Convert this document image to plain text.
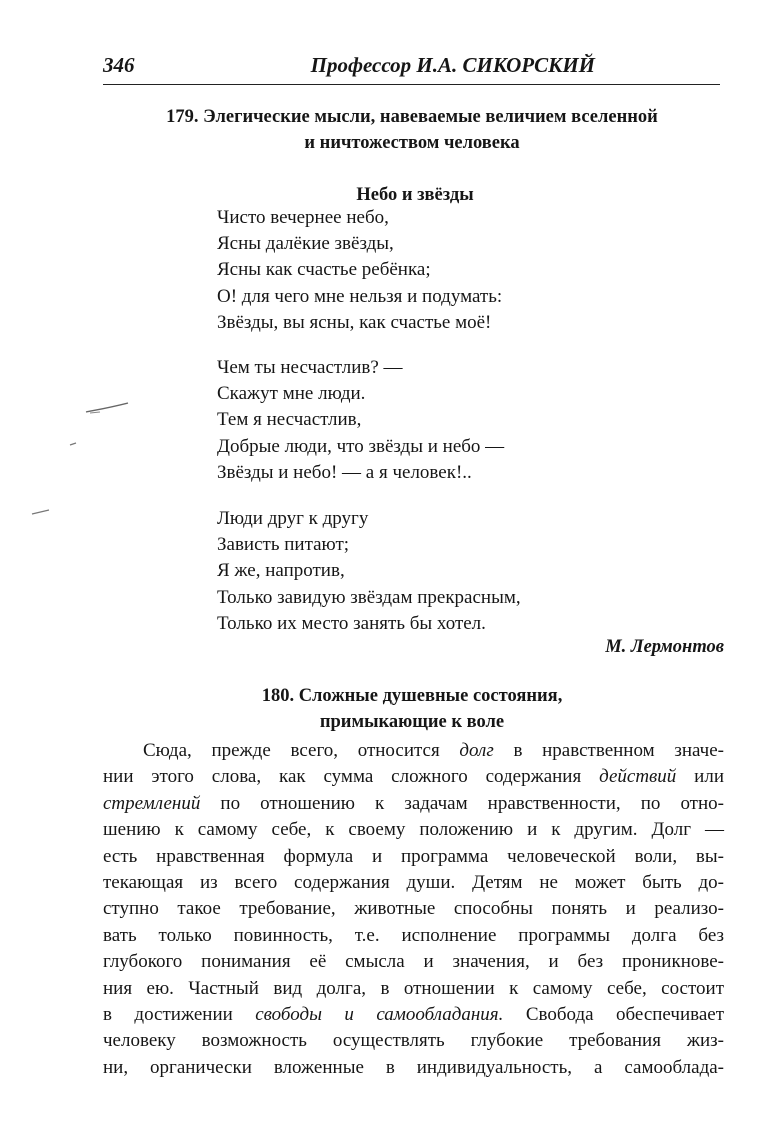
346	Профессор И.А. СИКОРСКИЙ
179. Элегические мысли, навеваемые величием вселенной
и ничтожеством человека
Небо и звёзды
Чисто вечернее небо,
Ясны далёкие звёзды,
Ясны как счастье ребёнка;
О! для чего мне нельзя и подумать:
Звёзды, вы ясны, как счастье моё!
Чем ты несчастлив? —
Скажут мне люди.
Тем я несчастлив,
Добрые люди, что звёзды и небо —
Звёзды и небо! — а я человек!..
Люди друг к другу
Зависть питают;
Я же, напротив,
Только завидую звёздам прекрасным,
Только их место занять бы хотел.
М. Лермонтов
180. Сложные душевные состояния,
примыкающие к воле
Сюда, прежде всего, относится долг в нравственном значе-
нии этого слова, как сумма сложного содержания действий или
стремлений по отношению к задачам нравственности, по отно-
шению к самому себе, к своему положению и к другим. Долг —
есть нравственная формула и программа человеческой воли, вы-
текающая из всего содержания души. Детям не может быть до-
ступно такое требование, животные способны понять и реализо-
вать только повинность, т.е. исполнение программы долга без
глубокого понимания её смысла и значения, и без проникнове-
ния ею. Частный вид долга, в отношении к самому себе, состоит
в достижении свободы и самообладания. Свобода обеспечивает
человеку возможность осуществлять глубокие требования жиз-
ни, органически вложенные в индивидуальность, а самооблада-
